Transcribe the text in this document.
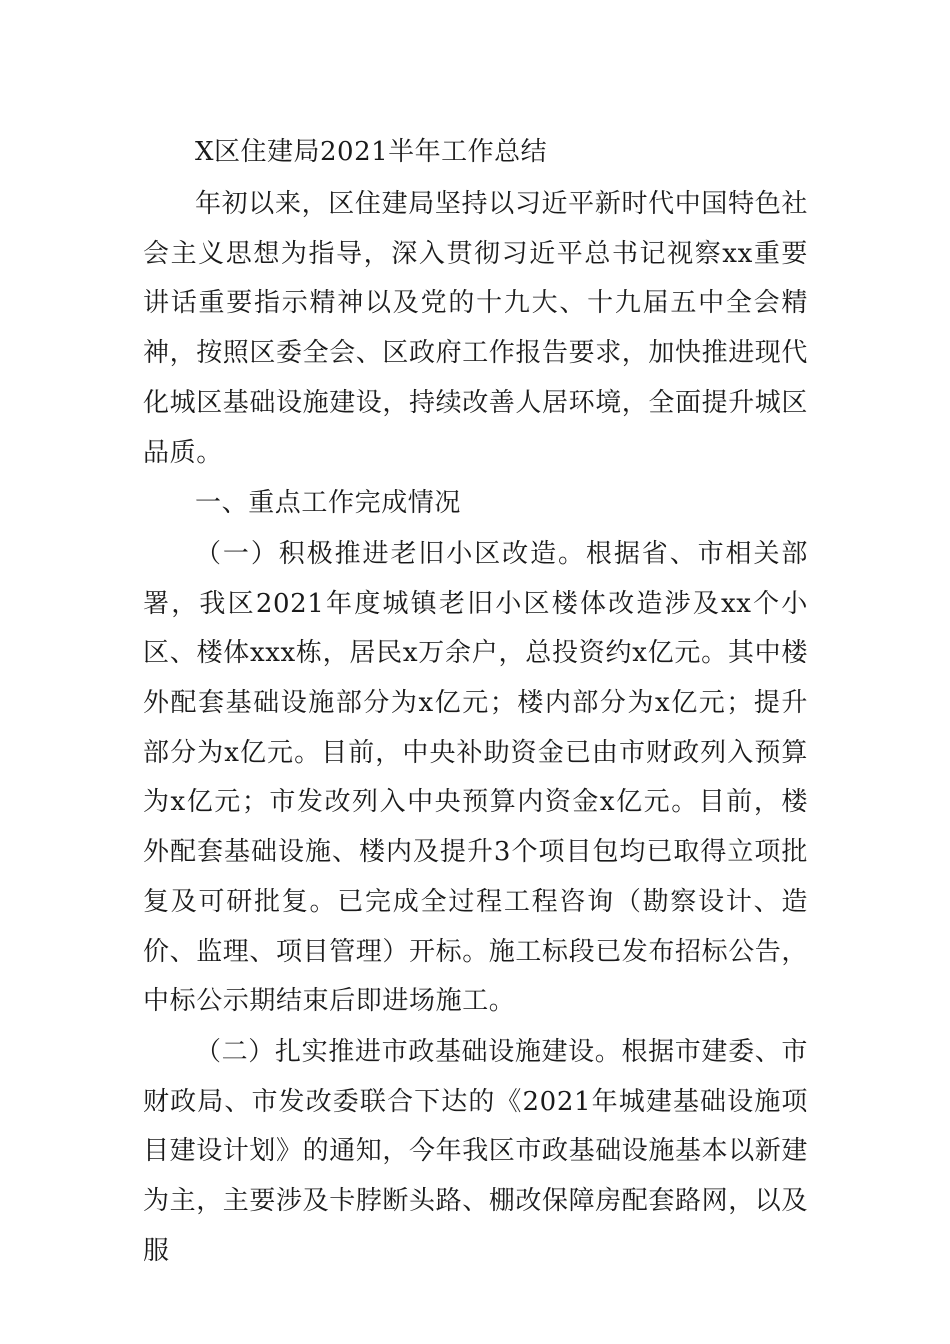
X区住建局2021半年工作总结

年初以来，区住建局坚持以习近平新时代中国特色社会主义思想为指导，深入贯彻习近平总书记视察xx重要讲话重要指示精神以及党的十九大、十九届五中全会精神，按照区委全会、区政府工作报告要求，加快推进现代化城区基础设施建设，持续改善人居环境，全面提升城区品质。

一、重点工作完成情况

（一）积极推进老旧小区改造。根据省、市相关部署，我区2021年度城镇老旧小区楼体改造涉及xx个小区、楼体xxx栋，居民x万余户，总投资约x亿元。其中楼外配套基础设施部分为x亿元；楼内部分为x亿元；提升部分为x亿元。目前，中央补助资金已由市财政列入预算为x亿元；市发改列入中央预算内资金x亿元。目前，楼外配套基础设施、楼内及提升3个项目包均已取得立项批复及可研批复。已完成全过程工程咨询（勘察设计、造价、监理、项目管理）开标。施工标段已发布招标公告，中标公示期结束后即进场施工。

（二）扎实推进市政基础设施建设。根据市建委、市财政局、市发改委联合下达的《2021年城建基础设施项目建设计划》的通知，今年我区市政基础设施基本以新建为主，主要涉及卡脖断头路、棚改保障房配套路网，以及服
